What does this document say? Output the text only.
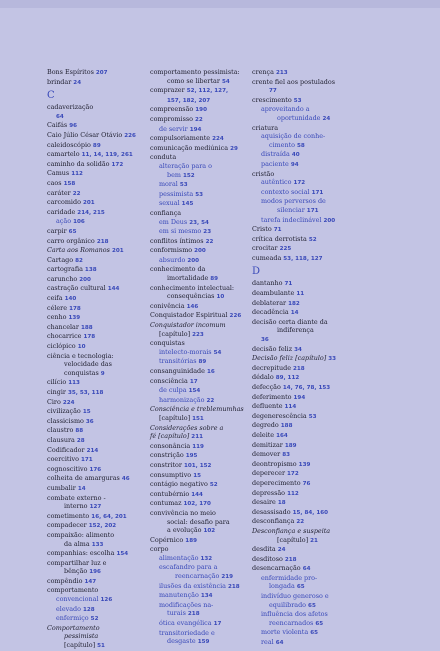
Bons Espíritos 207
brindar 24
C
cadaverização
64
Caifás 96
Caio Júlio César Otávio 226
caleidoscópio 89
camartelo 11, 14, 119, 261
caminho da solidão 172
Camus 112
caos 158
caráter 22
carcomido 201
caridade 214, 215
ação 106
carpir 65
carro orgânico 218
Carta aos Romanos 201
Cartago 82
cartografia 138
caruncho 200
castração cultural 144
ceifa 140
célere 178
cenho 139
chancelar 188
chocarrice 178
ciclópico 10
ciência e tecnologia:
velocidade das
conquistas 9
cilício 113
cingir 35, 53, 118
Ciro 224
civilização 15
classicismo 36
claustro 88
clausura 28
Codificador 214
coercitivo 171
cognoscitivo 176
colheita de amarguras 46
cumbalir 14
combate externo -
interno 127
cometimento 16, 64, 201
compadecer 152, 202
compaixão: alimento
da alma 133
companhias: escolha 154
compartilhar luz e
bênção 196
compêndio 147
comportamento
convencional 126
elevado 128
enfermiço 52
Comportamento
pessimista
[capítulo] 51
comportamento pessimista:
como se libertar 54
comprazer 52, 112, 127,
157, 182, 207
compreensão 190
compromisso 22
de servir 194
compulsoriamente 224
comunicação mediúnica 29
conduta
alteração para o
bem 152
moral 53
pessimista 53
sexual 145
confiança
em Deus 23, 54
em si mesmo 23
conflitos íntimos 22
conformismo 200
absurdo 200
conhecimento da
imortalidade 89
conhecimento intelectual:
consequências 10
conivência 146
Conquistador Espiritual 226
Conquistador incomum
[capítulo] 223
conquistas
intelecto-morais 54
transitórias 89
consanguinidade 16
consciência 17
de culpa 154
harmonização 22
Consciência e treblemumhas
[capítulo] 151
Considerações sobre a
fé [capítulo] 211
consonância 119
constrição 195
constritor 101, 152
consumptivo 15
contágio negativo 52
contubérnio 144
contumaz 102, 170
convivência no meio
social: desafio para
a evolução 102
Copérnico 189
corpo
alimentação 132
escafandro para a
reencarnação 219
ilusões da existência 218
manutenção 134
modificações na-
turais 218
ótica evangélica 17
transitoriedade e
desgaste 159
crença 213
crente fiel aos postulados
77
crescimento 53
aproveitando a
oportunidade 24
criatura
aquisição de conhe-
cimento 58
distraída 40
paciente 94
cristão
autêntico 172
contexto social 171
modos perversos de
silenciar 171
tarefa indeclinável 200
Cristo 71
crítica derrotista 52
crocitar 225
cumeada 53, 118, 127
D
dantanho 71
deambulante 11
deblaterar 182
decadência 14
decisão certa diante da
indiferença
36
decisão feliz 34
Decisão feliz [capítulo] 33
decrepitude 218
dédalo 89, 112
defecção 14, 76, 78, 153
deferimento 194
defluente 114
degenerescência 53
degredo 188
deleite 164
demitizar 189
demover 83
deontropismo 139
deperecer 172
deperecimento 76
depressão 112
desaire 18
desassisado 15, 84, 160
desconfiança 22
Desconfiança e suspeita
[capítulo] 21
desdita 24
desditoso 218
desencarnação 64
enfermidade pro-
longada 65
indivíduo generoso e
equilibrado 65
influência dos afetos
reencarnados 65
morte violenta 65
real 64
